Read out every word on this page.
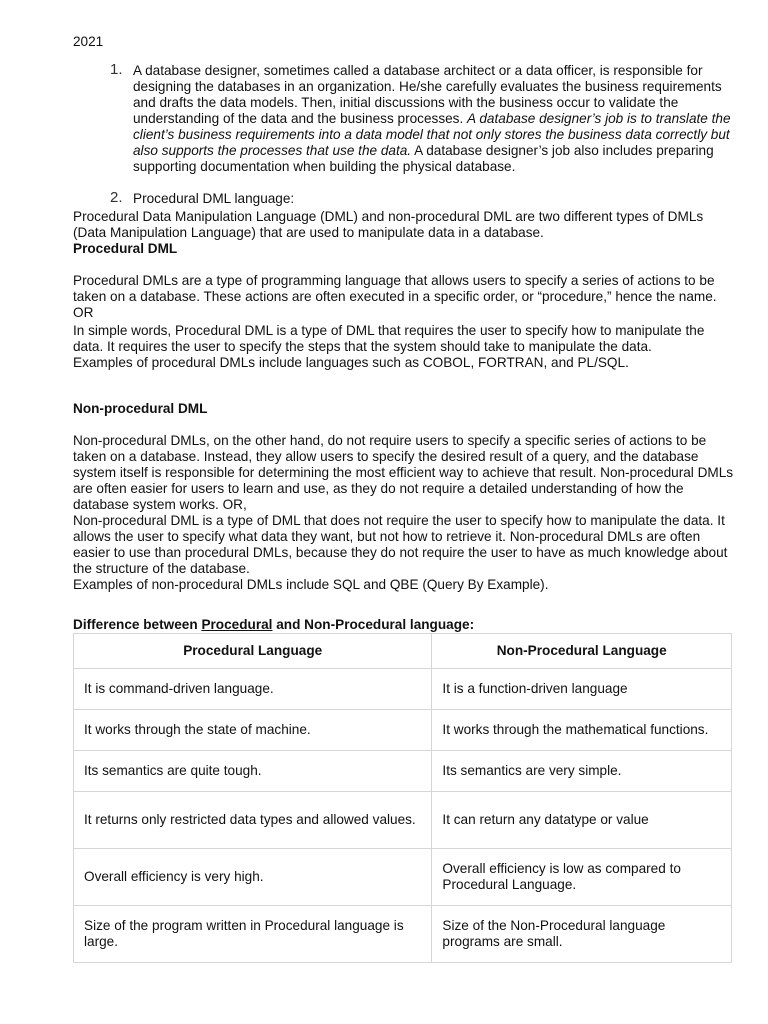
2021

1. A database designer, sometimes called a database architect or a data officer, is responsible for designing the databases in an organization. He/she carefully evaluates the business requirements and drafts the data models. Then, initial discussions with the business occur to validate the understanding of the data and the business processes. A database designer’s job is to translate the client’s business requirements into a data model that not only stores the business data correctly but also supports the processes that use the data. A database designer’s job also includes preparing supporting documentation when building the physical database.

2. Procedural DML language:

Procedural Data Manipulation Language (DML) and non-procedural DML are two different types of DMLs (Data Manipulation Language) that are used to manipulate data in a database.

Procedural DML

Procedural DMLs are a type of programming language that allows users to specify a series of actions to be taken on a database. These actions are often executed in a specific order, or “procedure,” hence the name. OR

In simple words, Procedural DML is a type of DML that requires the user to specify how to manipulate the data. It requires the user to specify the steps that the system should take to manipulate the data.

Examples of procedural DMLs include languages such as COBOL, FORTRAN, and PL/SQL.

Non-procedural DML

Non-procedural DMLs, on the other hand, do not require users to specify a specific series of actions to be taken on a database. Instead, they allow users to specify the desired result of a query, and the database system itself is responsible for determining the most efficient way to achieve that result. Non-procedural DMLs are often easier for users to learn and use, as they do not require a detailed understanding of how the database system works. OR,

Non-procedural DML is a type of DML that does not require the user to specify how to manipulate the data. It allows the user to specify what data they want, but not how to retrieve it. Non-procedural DMLs are often easier to use than procedural DMLs, because they do not require the user to have as much knowledge about the structure of the database.

Examples of non-procedural DMLs include SQL and QBE (Query By Example).

Difference between Procedural and Non-Procedural language:

Procedural Language	Non-Procedural Language
It is command-driven language.	It is a function-driven language
It works through the state of machine.	It works through the mathematical functions.
Its semantics are quite tough.	Its semantics are very simple.
It returns only restricted data types and allowed values.	It can return any datatype or value
Overall efficiency is very high.	Overall efficiency is low as compared to Procedural Language.
Size of the program written in Procedural language is large.	Size of the Non-Procedural language programs are small.
